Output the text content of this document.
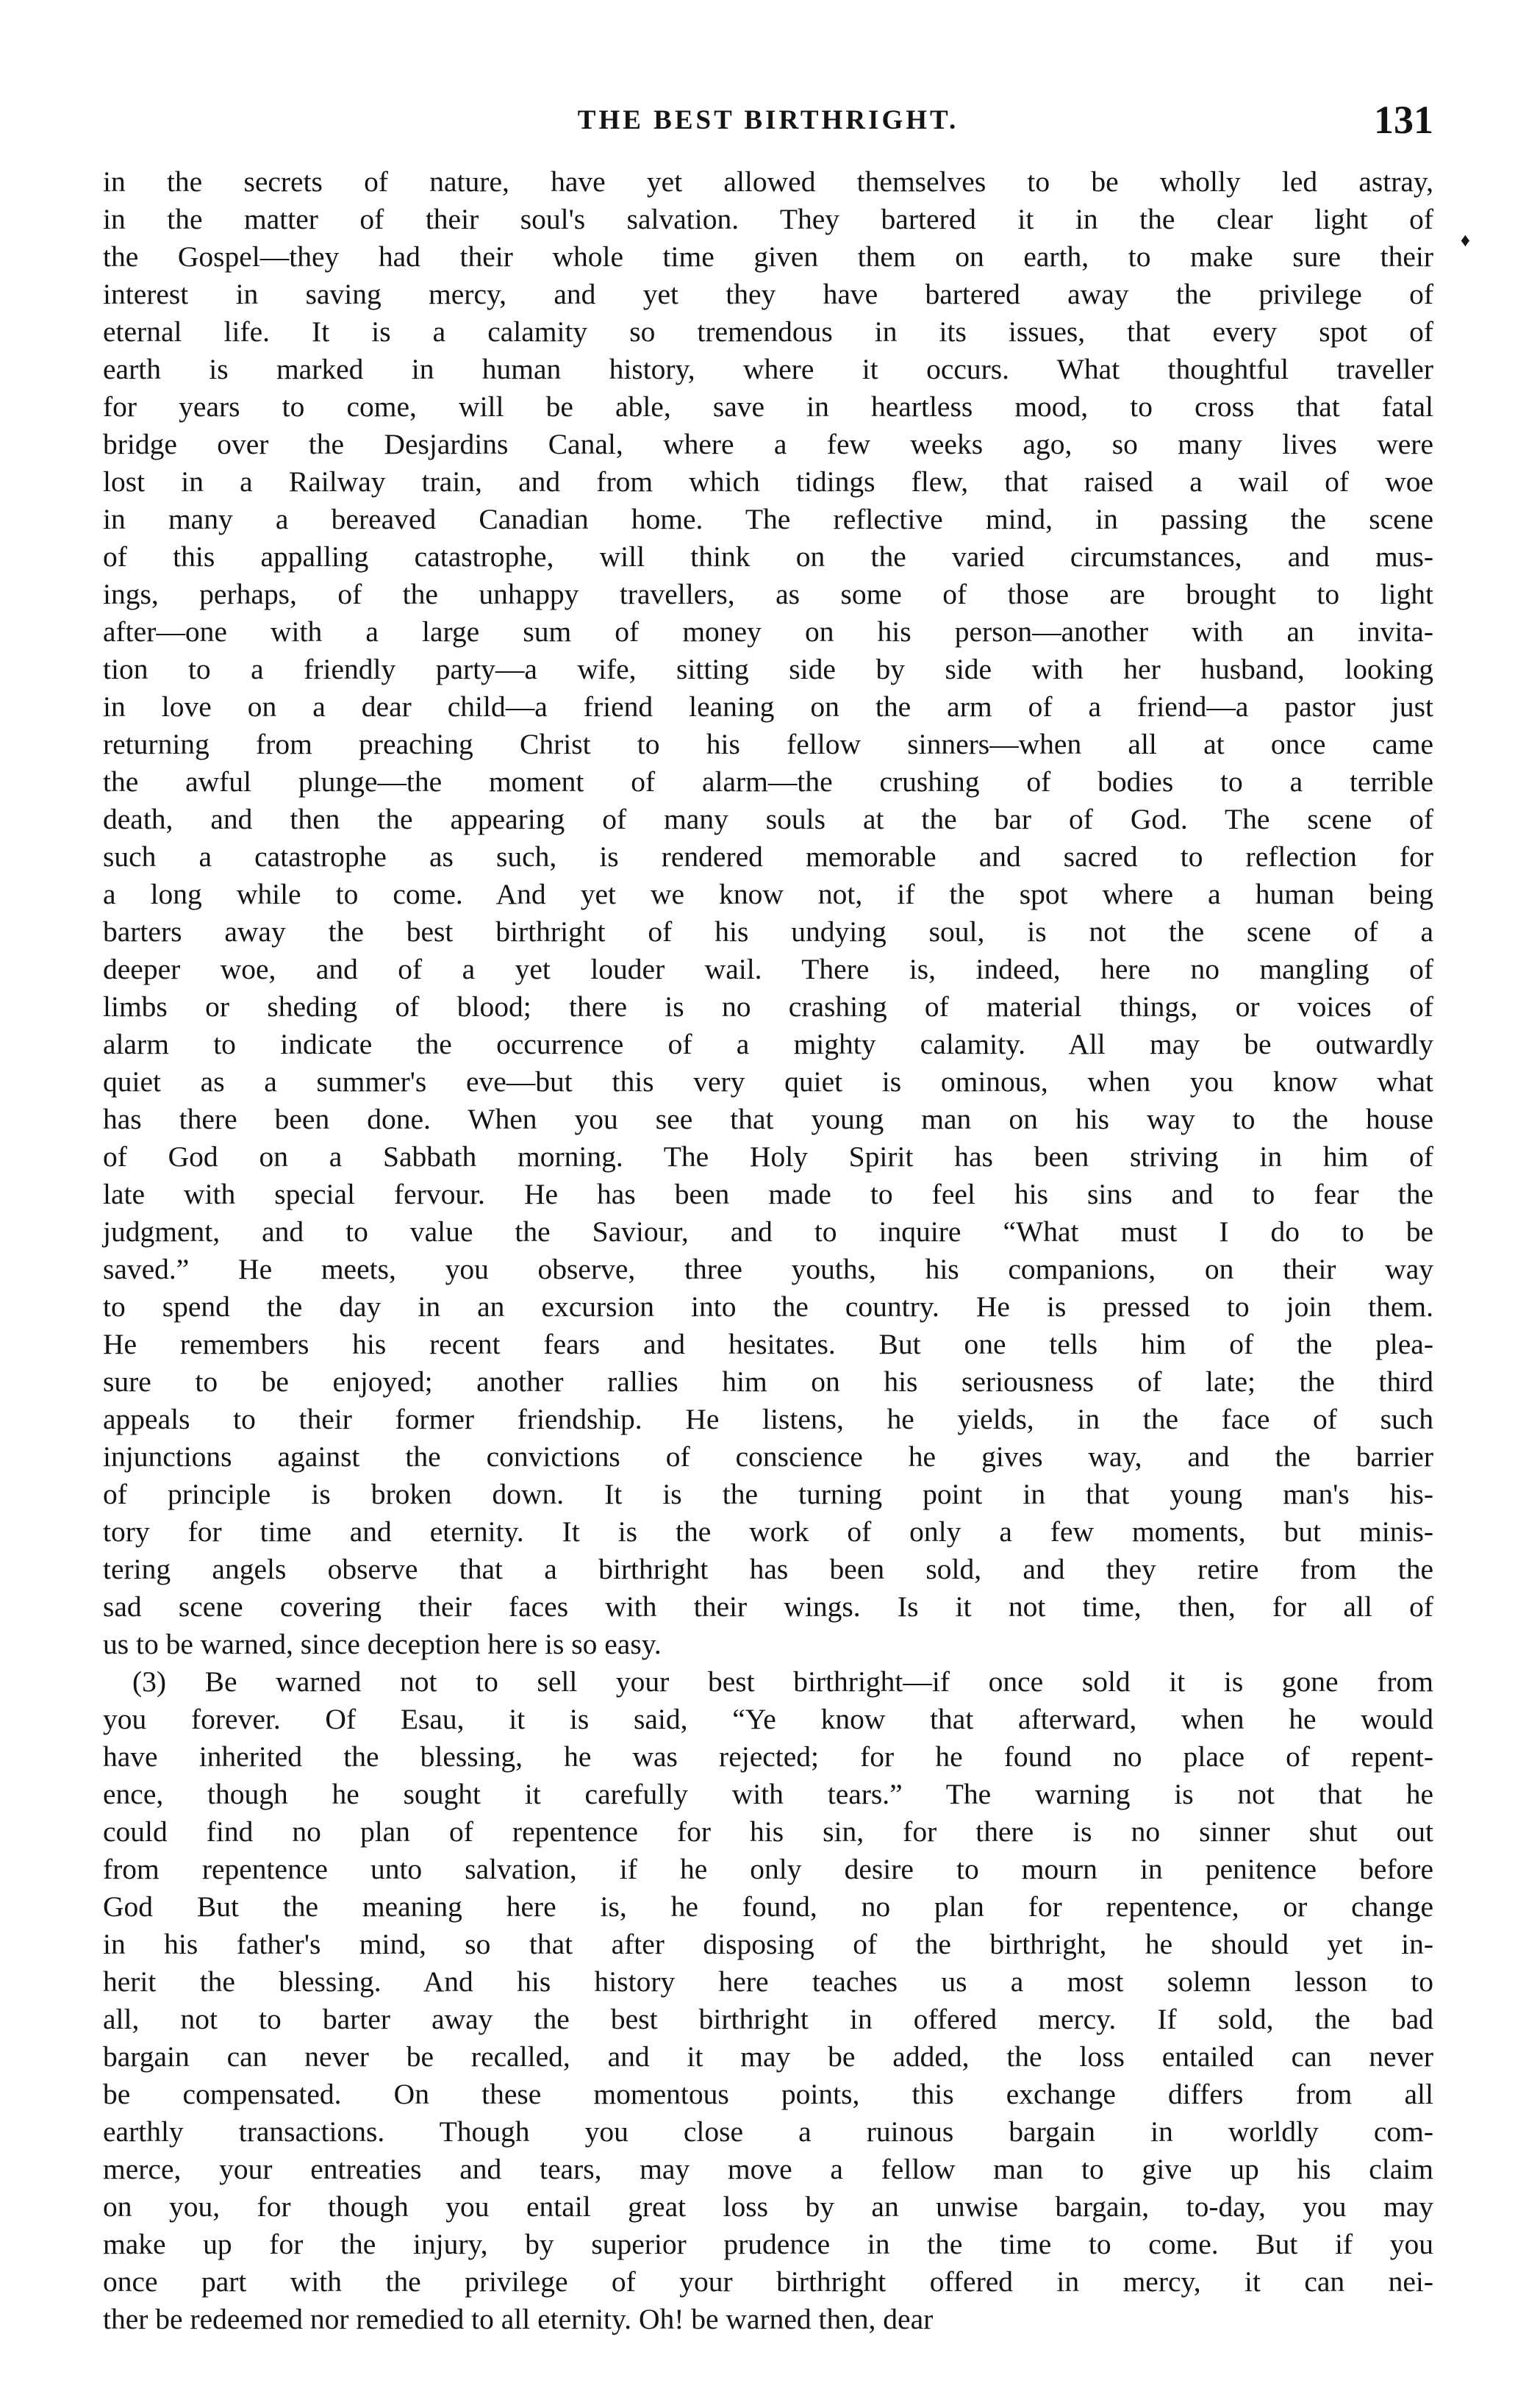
THE BEST BIRTHRIGHT.	131
♦
in the secrets of nature, have yet allowed themselves to be wholly led astray,
in the matter of their soul's salvation. They bartered it in the clear light of
the Gospel—they had their whole time given them on earth, to make sure their
interest in saving mercy, and yet they have bartered away the privilege of
eternal life. It is a calamity so tremendous in its issues, that every spot of
earth is marked in human history, where it occurs. What thoughtful traveller
for years to come, will be able, save in heartless mood, to cross that fatal
bridge over the Desjardins Canal, where a few weeks ago, so many lives were
lost in a Railway train, and from which tidings flew, that raised a wail of woe
in many a bereaved Canadian home. The reflective mind, in passing the scene
of this appalling catastrophe, will think on the varied circumstances, and mus-
ings, perhaps, of the unhappy travellers, as some of those are brought to light
after—one with a large sum of money on his person—another with an invita-
tion to a friendly party—a wife, sitting side by side with her husband, looking
in love on a dear child—a friend leaning on the arm of a friend—a pastor just
returning from preaching Christ to his fellow sinners—when all at once came
the awful plunge—the moment of alarm—the crushing of bodies to a terrible
death, and then the appearing of many souls at the bar of God. The scene of
such a catastrophe as such, is rendered memorable and sacred to reflection for
a long while to come. And yet we know not, if the spot where a human being
barters away the best birthright of his undying soul, is not the scene of a
deeper woe, and of a yet louder wail. There is, indeed, here no mangling of
limbs or sheding of blood; there is no crashing of material things, or voices of
alarm to indicate the occurrence of a mighty calamity. All may be outwardly
quiet as a summer's eve—but this very quiet is ominous, when you know what
has there been done. When you see that young man on his way to the house
of God on a Sabbath morning. The Holy Spirit has been striving in him of
late with special fervour. He has been made to feel his sins and to fear the
judgment, and to value the Saviour, and to inquire “What must I do to be
saved.” He meets, you observe, three youths, his companions, on their way
to spend the day in an excursion into the country. He is pressed to join them.
He remembers his recent fears and hesitates. But one tells him of the plea-
sure to be enjoyed; another rallies him on his seriousness of late; the third
appeals to their former friendship. He listens, he yields, in the face of such
injunctions against the convictions of conscience he gives way, and the barrier
of principle is broken down. It is the turning point in that young man's his-
tory for time and eternity. It is the work of only a few moments, but minis-
tering angels observe that a birthright has been sold, and they retire from the
sad scene covering their faces with their wings. Is it not time, then, for all of
us to be warned, since deception here is so easy.
(3) Be warned not to sell your best birthright—if once sold it is gone from
you forever. Of Esau, it is said, “Ye know that afterward, when he would
have inherited the blessing, he was rejected; for he found no place of repent-
ence, though he sought it carefully with tears.” The warning is not that he
could find no plan of repentence for his sin, for there is no sinner shut out
from repentence unto salvation, if he only desire to mourn in penitence before
God But the meaning here is, he found, no plan for repentence, or change
in his father's mind, so that after disposing of the birthright, he should yet in-
herit the blessing. And his history here teaches us a most solemn lesson to
all, not to barter away the best birthright in offered mercy. If sold, the bad
bargain can never be recalled, and it may be added, the loss entailed can never
be compensated. On these momentous points, this exchange differs from all
earthly transactions. Though you close a ruinous bargain in worldly com-
merce, your entreaties and tears, may move a fellow man to give up his claim
on you, for though you entail great loss by an unwise bargain, to-day, you may
make up for the injury, by superior prudence in the time to come. But if you
once part with the privilege of your birthright offered in mercy, it can nei-
ther be redeemed nor remedied to all eternity. Oh! be warned then, dear
